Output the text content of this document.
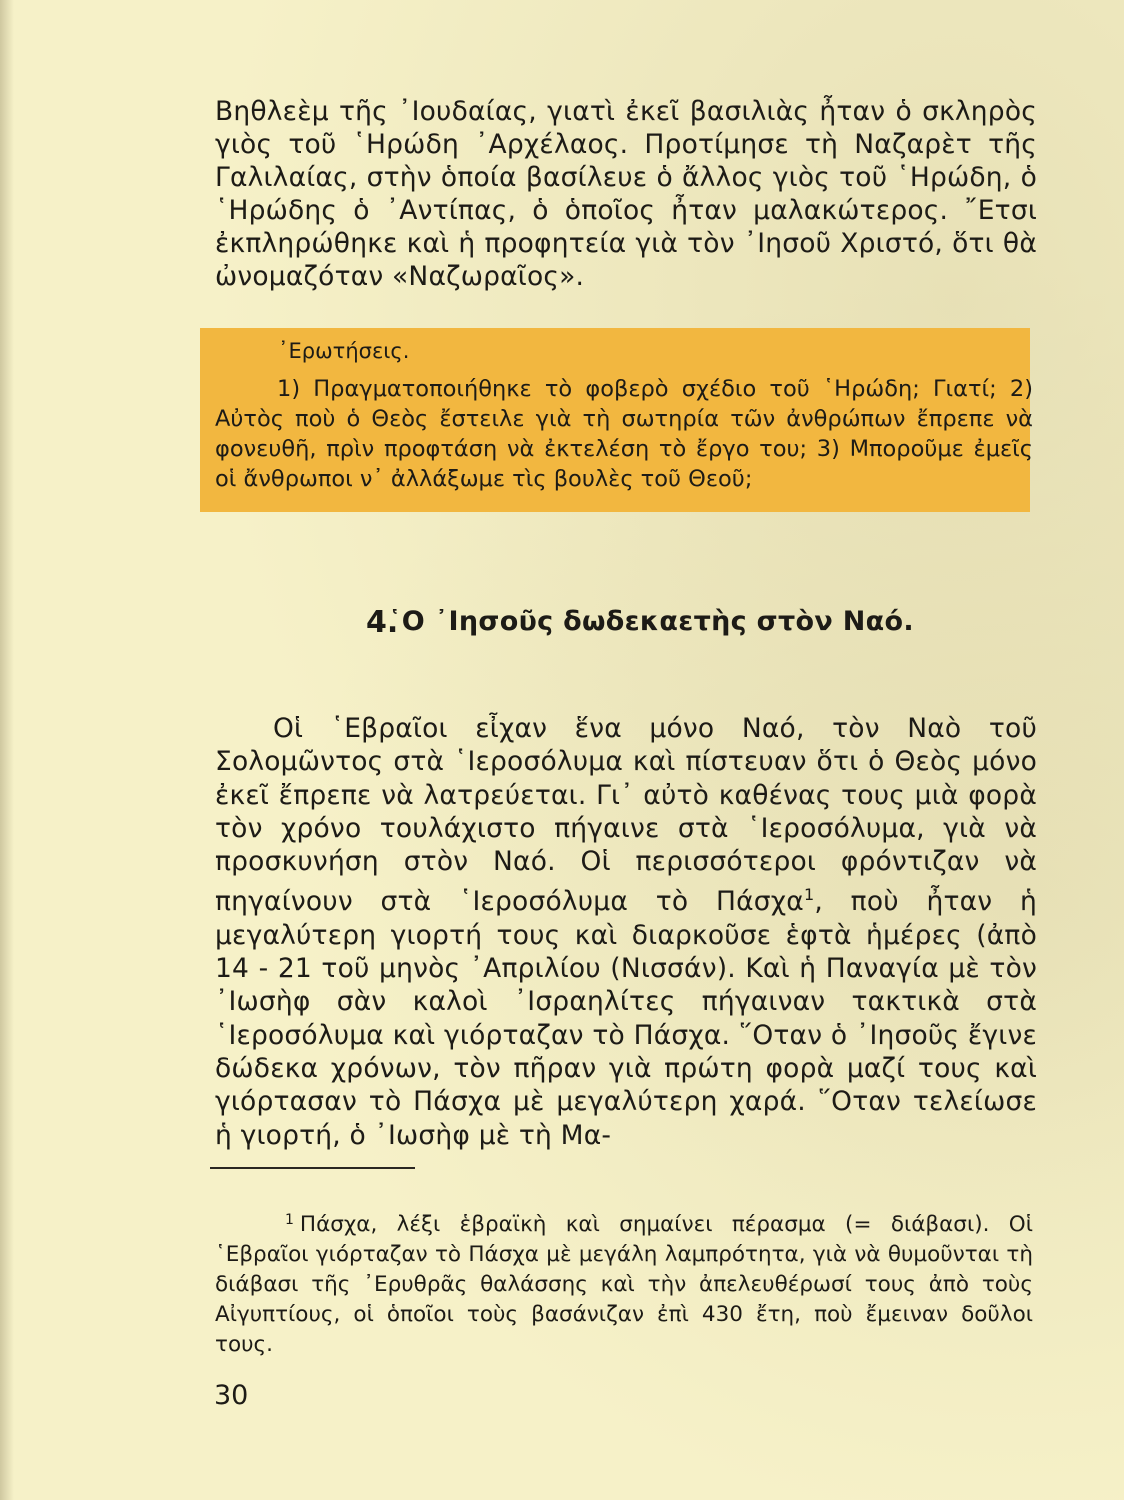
Βηθλεὲμ τῆς ᾿Ιουδαίας, γιατὶ ἐκεῖ βασιλιὰς ἦταν ὁ σκληρὸς γιὸς τοῦ ῾Ηρώδη ᾿Αρχέλαος. Προτίμησε τὴ Ναζαρὲτ τῆς Γαλιλαίας, στὴν ὁποία βασίλευε ὁ ἄλλος γιὸς τοῦ ῾Ηρώδη, ὁ ῾Ηρώδης ὁ ᾿Αντίπας, ὁ ὁποῖος ἦταν μαλακώτερος. ῎Ετσι ἐκπληρώθηκε καὶ ἡ προφητεία γιὰ τὸν ᾿Ιησοῦ Χριστό, ὅτι θὰ ὠνομαζόταν «Ναζωραῖος».

᾿Ερωτήσεις.

1) Πραγματοποιήθηκε τὸ φοβερὸ σχέδιο τοῦ ῾Ηρώδη; Γιατί; 2) Αὐτὸς ποὺ ὁ Θεὸς ἔστειλε γιὰ τὴ σωτηρία τῶν ἀνθρώπων ἔπρεπε νὰ φονευθῆ, πρὶν προφτάση νὰ ἐκτελέση τὸ ἔργο του; 3) Μποροῦμε ἐμεῖς οἱ ἄνθρωποι ν᾿ ἀλλάξωμε τὶς βουλὲς τοῦ Θεοῦ;

4.

῾Ο ᾿Ιησοῦς δωδεκαετὴς στὸν Ναό.

Οἱ ῾Εβραῖοι εἶχαν ἕνα μόνο Ναό, τὸν Ναὸ τοῦ Σολομῶντος στὰ ῾Ιεροσόλυμα καὶ πίστευαν ὅτι ὁ Θεὸς μόνο ἐκεῖ ἔπρεπε νὰ λατρεύεται. Γι᾿ αὐτὸ καθένας τους μιὰ φορὰ τὸν χρόνο τουλάχιστο πήγαινε στὰ ῾Ιεροσόλυμα, γιὰ νὰ προσκυνήση στὸν Ναό. Οἱ περισσότεροι φρόντιζαν νὰ πηγαίνουν στὰ ῾Ιεροσόλυμα τὸ Πάσχα$^1$, ποὺ ἦταν ἡ μεγαλύτερη γιορτή τους καὶ διαρκοῦσε ἑφτὰ ἡμέρες (ἀπὸ 14 - 21 τοῦ μηνὸς ᾿Απριλίου (Νισσάν). Καὶ ἡ Παναγία μὲ τὸν ᾿Ιωσὴφ σὰν καλοὶ ᾿Ισραηλίτες πήγαιναν τακτικὰ στὰ ῾Ιεροσόλυμα καὶ γιόρταζαν τὸ Πάσχα. ῞Οταν ὁ ᾿Ιησοῦς ἔγινε δώδεκα χρόνων, τὸν πῆραν γιὰ πρώτη φορὰ μαζί τους καὶ γιόρτασαν τὸ Πάσχα μὲ μεγαλύτερη χαρά. ῞Οταν τελείωσε ἡ γιορτή, ὁ ᾿Ιωσὴφ μὲ τὴ Μα-

$^1$ Πάσχα, λέξι ἑβραϊκὴ καὶ σημαίνει πέρασμα (= διάβασι). Οἱ ῾Εβραῖοι γιόρταζαν τὸ Πάσχα μὲ μεγάλη λαμπρότητα, γιὰ νὰ θυμοῦνται τὴ διάβασι τῆς ᾿Ερυθρᾶς θαλάσσης καὶ τὴν ἀπελευθέρωσί τους ἀπὸ τοὺς Αἰγυπτίους, οἱ ὁποῖοι τοὺς βασάνιζαν ἐπὶ 430 ἔτη, ποὺ ἔμειναν δοῦλοι τους.

30
